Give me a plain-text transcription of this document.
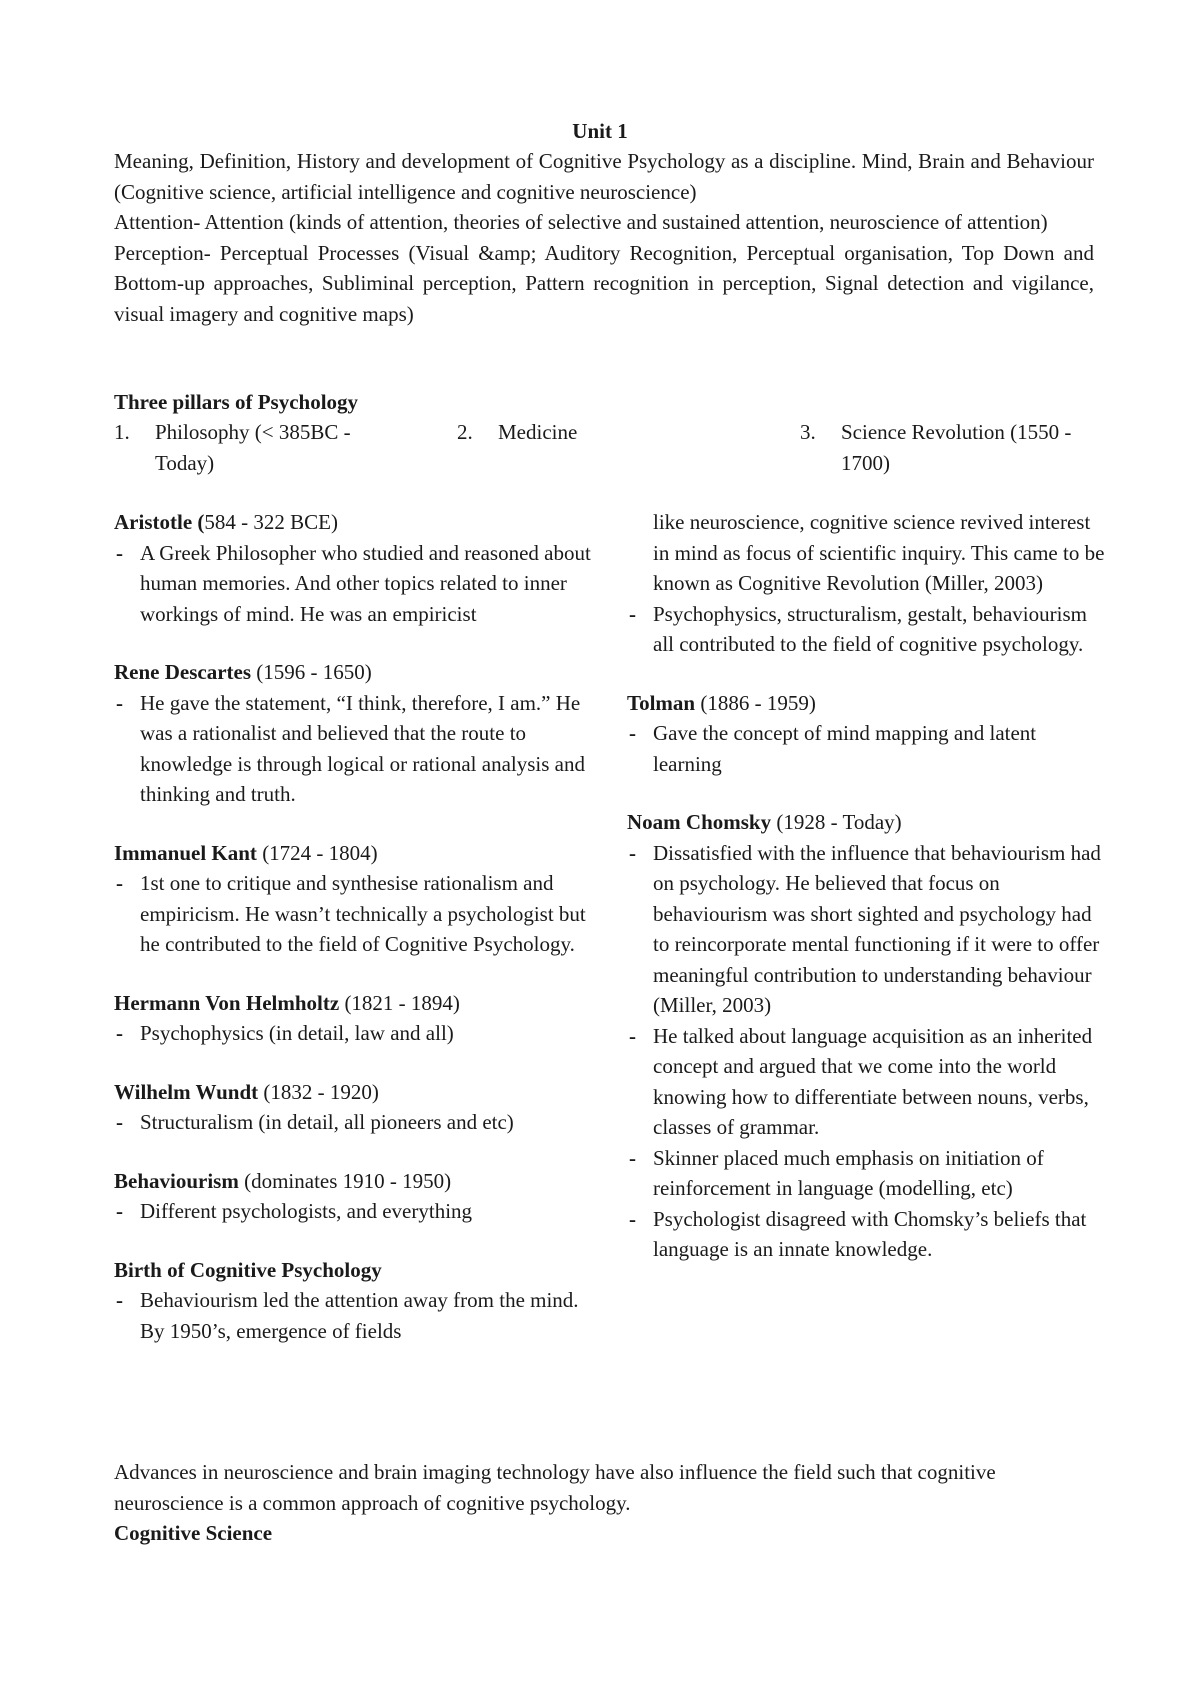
Unit 1

Meaning, Definition, History and development of Cognitive Psychology as a discipline. Mind, Brain and Behaviour (Cognitive science, artificial intelligence and cognitive neuroscience)

Attention- Attention (kinds of attention, theories of selective and sustained attention, neuroscience of attention)

Perception- Perceptual Processes (Visual &amp; Auditory Recognition, Perceptual organisation, Top Down and Bottom-up approaches, Subliminal perception, Pattern recognition in perception, Signal detection and vigilance, visual imagery and cognitive maps)

Three pillars of Psychology
1.	Philosophy (< 385BC - Today)
2.	Medicine	3.	Science Revolution (1550 - 1700)

Aristotle (584 - 322 BCE)

- A Greek Philosopher who studied and reasoned about human memories. And other topics related to inner workings of mind. He was an empiricist

Rene Descartes (1596 - 1650)

- He gave the statement, “I think, therefore, I am.” He was a rationalist and believed that the route to knowledge is through logical or rational analysis and thinking and truth.

Immanuel Kant (1724 - 1804)

- 1st one to critique and synthesise rationalism and empiricism. He wasn’t technically a psychologist but he contributed to the field of Cognitive Psychology.

Hermann Von Helmholtz (1821 - 1894)

- Psychophysics (in detail, law and all)

Wilhelm Wundt (1832 - 1920)

- Structuralism (in detail, all pioneers and etc)

Behaviourism (dominates 1910 - 1950)

- Different psychologists, and everything

Birth of Cognitive Psychology

- Behaviourism led the attention away from the mind. By 1950’s, emergence of fields
like neuroscience, cognitive science revived interest in mind as focus of scientific inquiry. This came to be known as Cognitive Revolution (Miller, 2003)
- Psychophysics, structuralism, gestalt, behaviourism all contributed to the field of cognitive psychology.

Tolman (1886 - 1959)

- Gave the concept of mind mapping and latent learning

Noam Chomsky (1928 - Today)

- Dissatisfied with the influence that behaviourism had on psychology. He believed that focus on behaviourism was short sighted and psychology had to reincorporate mental functioning if it were to offer meaningful contribution to understanding behaviour (Miller, 2003)
- He talked about language acquisition as an inherited concept and argued that we come into the world knowing how to differentiate between nouns, verbs, classes of grammar.
- Skinner placed much emphasis on initiation of reinforcement in language (modelling, etc)
- Psychologist disagreed with Chomsky’s beliefs that language is an innate knowledge.

Advances in neuroscience and brain imaging technology have also influence the field such that cognitive neuroscience is a common approach of cognitive psychology.

Cognitive Science
